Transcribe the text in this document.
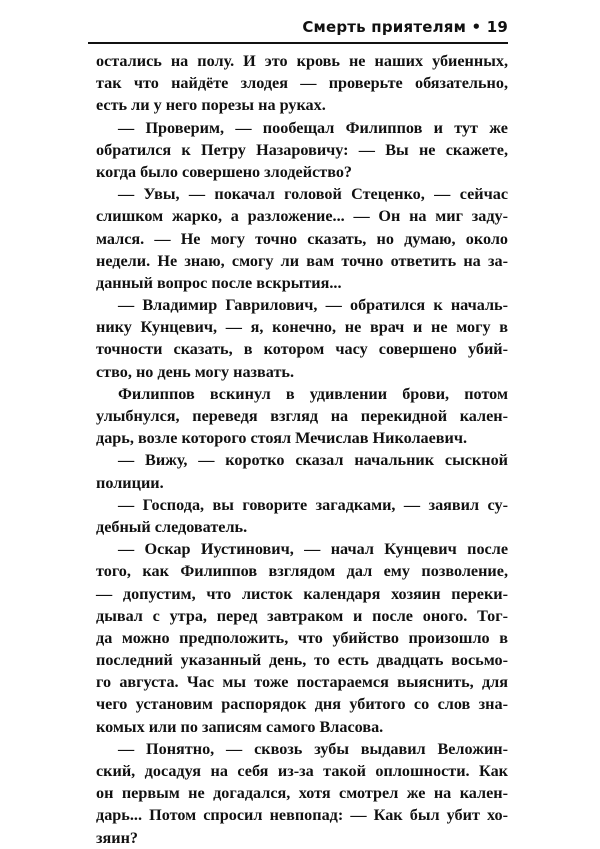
Смерть приятелям • 19
остались на полу. И это кровь не наших убиенных,
так что найдёте злодея — проверьте обязательно,
есть ли у него порезы на руках.
— Проверим, — пообещал Филиппов и тут же
обратился к Петру Назаровичу: — Вы не скажете,
когда было совершено злодейство?
— Увы, — покачал головой Стеценко, — сейчас
слишком жарко, а разложение... — Он на миг заду-
мался. — Не могу точно сказать, но думаю, около
недели. Не знаю, смогу ли вам точно ответить на за-
данный вопрос после вскрытия...
— Владимир Гаврилович, — обратился к началь-
нику Кунцевич, — я, конечно, не врач и не могу в
точности сказать, в котором часу совершено убий-
ство, но день могу назвать.
Филиппов вскинул в удивлении брови, потом
улыбнулся, переведя взгляд на перекидной кален-
дарь, возле которого стоял Мечислав Николаевич.
— Вижу, — коротко сказал начальник сыскной
полиции.
— Господа, вы говорите загадками, — заявил су-
дебный следователь.
— Оскар Иустинович, — начал Кунцевич после
того, как Филиппов взглядом дал ему позволение,
— допустим, что листок календаря хозяин переки-
дывал с утра, перед завтраком и после оного. Тог-
да можно предположить, что убийство произошло в
последний указанный день, то есть двадцать восьмо-
го августа. Час мы тоже постараемся выяснить, для
чего установим распорядок дня убитого со слов зна-
комых или по записям самого Власова.
— Понятно, — сквозь зубы выдавил Веложин-
ский, досадуя на себя из-за такой оплошности. Как
он первым не догадался, хотя смотрел же на кален-
дарь... Потом спросил невпопад: — Как был убит хо-
зяин?
